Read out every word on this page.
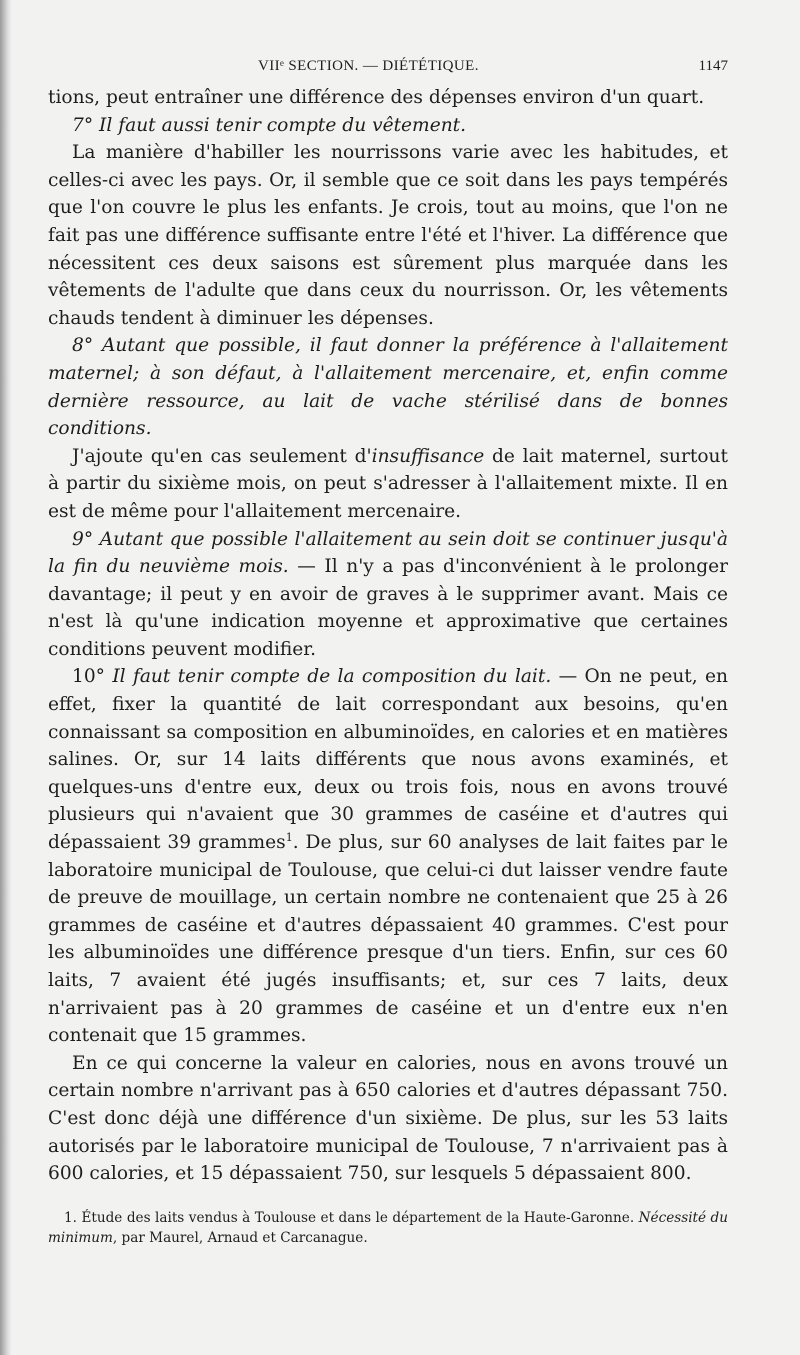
VIIᵉ SECTION. — DIÉTÉTIQUE.	1147

tions, peut entraîner une différence des dépenses environ d'un quart.

7° Il faut aussi tenir compte du vêtement.

La manière d'habiller les nourrissons varie avec les habitudes, et celles-ci avec les pays. Or, il semble que ce soit dans les pays tempérés que l'on couvre le plus les enfants. Je crois, tout au moins, que l'on ne fait pas une différence suffisante entre l'été et l'hiver. La différence que nécessitent ces deux saisons est sûrement plus marquée dans les vêtements de l'adulte que dans ceux du nourrisson. Or, les vêtements chauds tendent à diminuer les dépenses.

8° Autant que possible, il faut donner la préférence à l'allaitement maternel; à son défaut, à l'allaitement mercenaire, et, enfin comme dernière ressource, au lait de vache stérilisé dans de bonnes conditions.

J'ajoute qu'en cas seulement d'insuffisance de lait maternel, surtout à partir du sixième mois, on peut s'adresser à l'allaitement mixte. Il en est de même pour l'allaitement mercenaire.

9° Autant que possible l'allaitement au sein doit se continuer jusqu'à la fin du neuvième mois. — Il n'y a pas d'inconvénient à le prolonger davantage; il peut y en avoir de graves à le supprimer avant. Mais ce n'est là qu'une indication moyenne et approximative que certaines conditions peuvent modifier.

10° Il faut tenir compte de la composition du lait. — On ne peut, en effet, fixer la quantité de lait correspondant aux besoins, qu'en connaissant sa composition en albuminoïdes, en calories et en matières salines. Or, sur 14 laits différents que nous avons examinés, et quelques-uns d'entre eux, deux ou trois fois, nous en avons trouvé plusieurs qui n'avaient que 30 grammes de caséine et d'autres qui dépassaient 39 grammes$^1$. De plus, sur 60 analyses de lait faites par le laboratoire municipal de Toulouse, que celui-ci dut laisser vendre faute de preuve de mouillage, un certain nombre ne contenaient que 25 à 26 grammes de caséine et d'autres dépassaient 40 grammes. C'est pour les albuminoïdes une différence presque d'un tiers. Enfin, sur ces 60 laits, 7 avaient été jugés insuffisants; et, sur ces 7 laits, deux n'arrivaient pas à 20 grammes de caséine et un d'entre eux n'en contenait que 15 grammes.

En ce qui concerne la valeur en calories, nous en avons trouvé un certain nombre n'arrivant pas à 650 calories et d'autres dépassant 750. C'est donc déjà une différence d'un sixième. De plus, sur les 53 laits autorisés par le laboratoire municipal de Toulouse, 7 n'arrivaient pas à 600 calories, et 15 dépassaient 750, sur lesquels 5 dépassaient 800.

1. Étude des laits vendus à Toulouse et dans le département de la Haute-Garonne. Nécessité du minimum, par Maurel, Arnaud et Carcanague.
